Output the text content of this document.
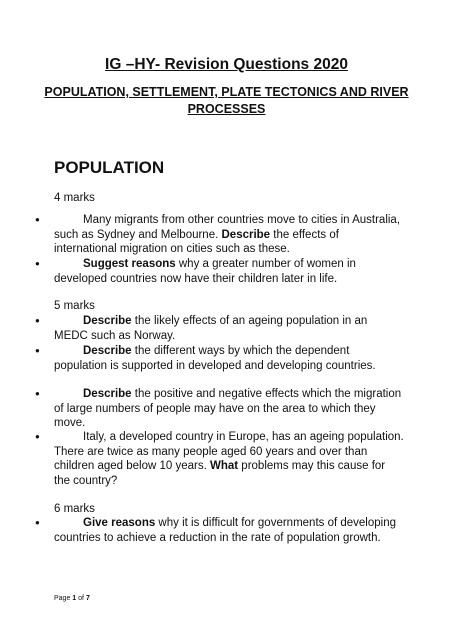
IG –HY- Revision Questions 2020
POPULATION, SETTLEMENT, PLATE TECTONICS AND RIVER PROCESSES
POPULATION
4 marks
●	Many migrants from other countries move to cities in Australia, such as Sydney and Melbourne. Describe the effects of international migration on cities such as these.
●	Suggest reasons why a greater number of women in developed countries now have their children later in life.
5 marks
●	Describe the likely effects of an ageing population in an MEDC such as Norway.
●	Describe the different ways by which the dependent population is supported in developed and developing countries.
●	Describe the positive and negative effects which the migration of large numbers of people may have on the area to which they move.
●	Italy, a developed country in Europe, has an ageing population. There are twice as many people aged 60 years and over than children aged below 10 years. What problems may this cause for the country?
6 marks
●	Give reasons why it is difficult for governments of developing countries to achieve a reduction in the rate of population growth.
Page 1 of 7
